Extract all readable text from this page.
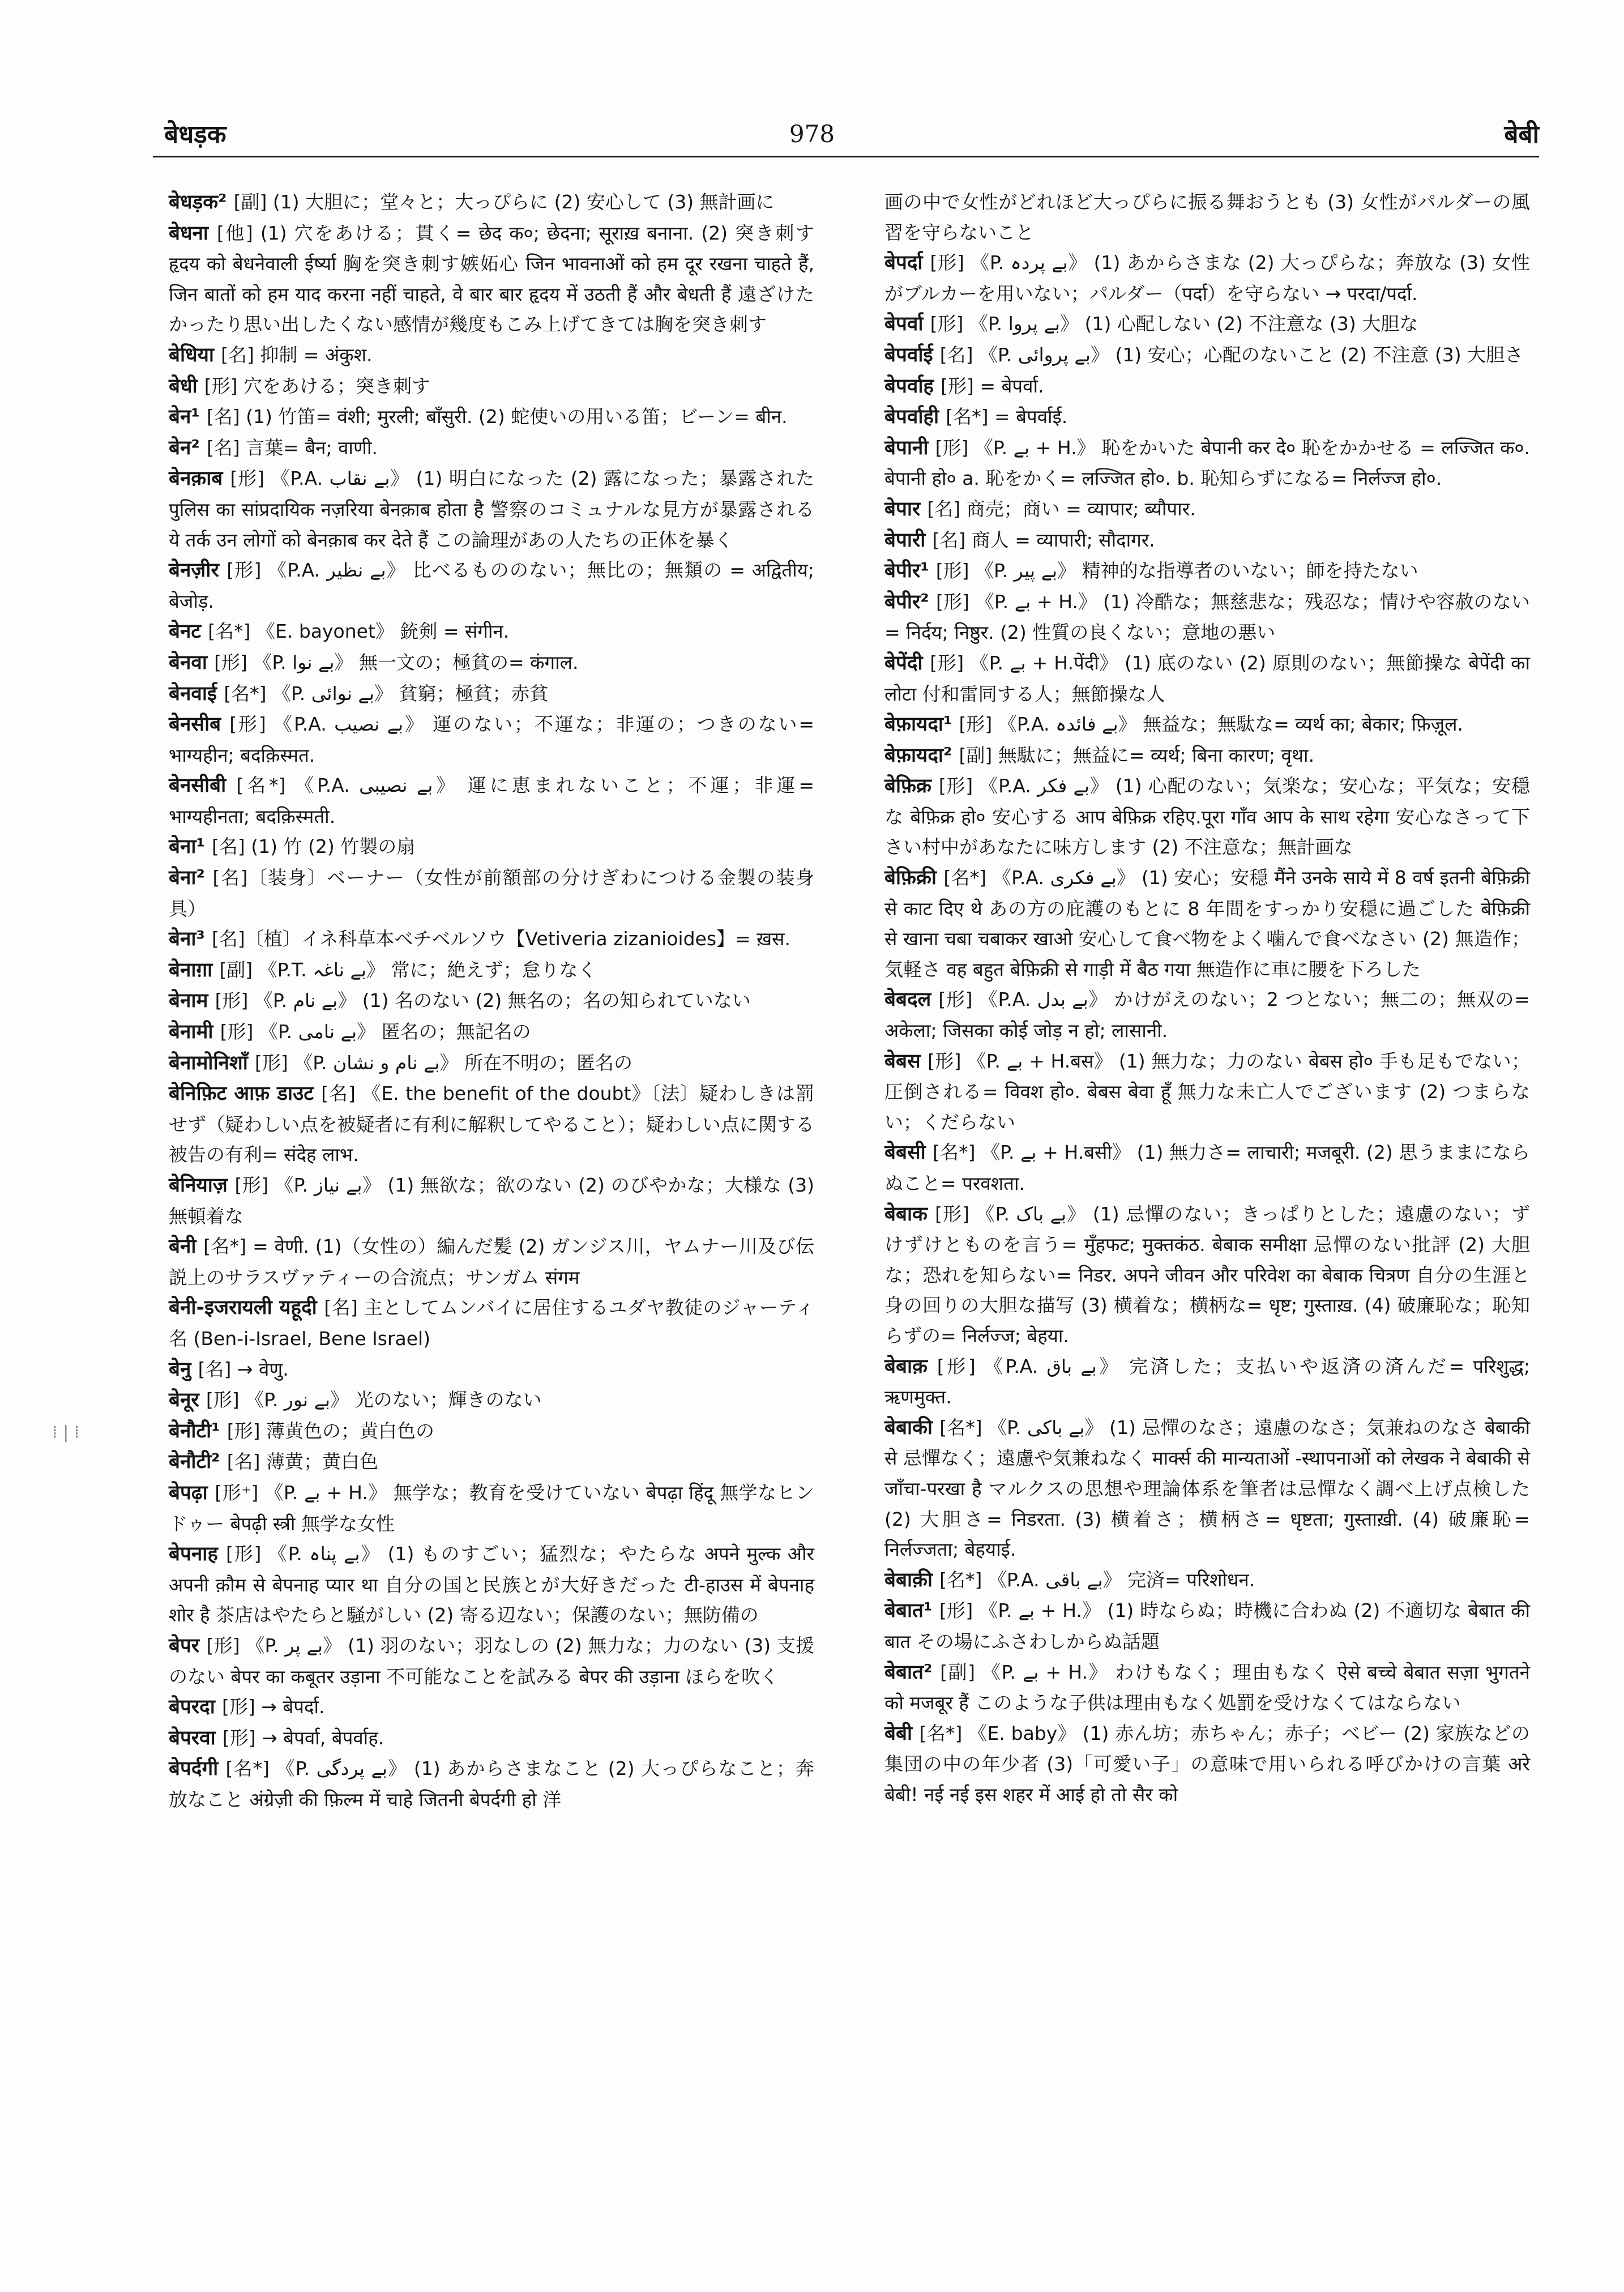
बेधड़क	978	बेबी
⁞ | ⁞

बेधड़क² [副] (1) 大胆に；堂々と；大っぴらに (2) 安心して (3) 無計画に

बेधना [他] (1) 穴をあける；貫く= छेद क०; छेदना; सूराख़ बनाना. (2) 突き刺す हृदय को बेधनेवाली ईर्ष्या 胸を突き刺す嫉妬心 जिन भावनाओं को हम दूर रखना चाहते हैं, जिन बातों को हम याद करना नहीं चाहते, वे बार बार हृदय में उठती हैं और बेधती हैं 遠ざけたかったり思い出したくない感情が幾度もこみ上げてきては胸を突き刺す

बेधिया [名] 抑制 = अंकुश.

बेधी [形] 穴をあける；突き刺す

बेन¹ [名] (1) 竹笛= वंशी; मुरली; बाँसुरी. (2) 蛇使いの用いる笛；ビーン= बीन.

बेन² [名] 言葉= बैन; वाणी.

बेनक़ाब [形] 《P.A. بے نقاب》 (1) 明白になった (2) 露になった；暴露された पुलिस का सांप्रदायिक नज़रिया बेनक़ाब होता है 警察のコミュナルな見方が暴露される ये तर्क उन लोगों को बेनक़ाब कर देते हैं この論理があの人たちの正体を暴く

बेनज़ीर [形] 《P.A. بے نظیر》 比べるもののない；無比の；無類の = अद्वितीय; बेजोड़.

बेनट [名*] 《E. bayonet》 銃剣 = संगीन.

बेनवा [形] 《P. بے نوا》 無一文の；極貧の= कंगाल.

बेनवाई [名*] 《P. بے نوائی》 貧窮；極貧；赤貧

बेनसीब [形] 《P.A. بے نصیب》 運のない；不運な；非運の；つきのない= भाग्यहीन; बदक़िस्मत.

बेनसीबी [名*] 《P.A. بے نصیبی》 運に恵まれないこと；不運；非運= भाग्यहीनता; बदक़िस्मती.

बेना¹ [名] (1) 竹 (2) 竹製の扇

बेना² [名]〔装身〕ベーナー（女性が前額部の分けぎわにつける金製の装身具）

बेना³ [名]〔植〕イネ科草本ベチベルソウ【Vetiveria zizanioides】= ख़स.

बेनाग़ा [副] 《P.T. بے ناغہ》 常に；絶えず；怠りなく

बेनाम [形] 《P. بے نام》 (1) 名のない (2) 無名の；名の知られていない

बेनामी [形] 《P. بے نامی》 匿名の；無記名の

बेनामोनिशाँ [形] 《P. بے نام و نشان》 所在不明の；匿名の

बेनिफ़िट आफ़ डाउट [名] 《E. the benefit of the doubt》〔法〕疑わしきは罰せず（疑わしい点を被疑者に有利に解釈してやること）；疑わしい点に関する被告の有利= संदेह लाभ.

बेनियाज़ [形] 《P. بے نیاز》 (1) 無欲な；欲のない (2) のびやかな；大様な (3) 無頓着な

बेनी [名*] = वेणी. (1)（女性の）編んだ髪 (2) ガンジス川，ヤムナー川及び伝説上のサラスヴァティーの合流点；サンガム संगम

बेनी-इजरायली यहूदी [名] 主としてムンバイに居住するユダヤ教徒のジャーティ名 (Ben-i-Israel, Bene Israel)

बेनु [名] → वेणु.

बेनूर [形] 《P. بے نور》 光のない；輝きのない

बेनौटी¹ [形] 薄黄色の；黄白色の

बेनौटी² [名] 薄黄；黄白色

बेपढ़ा [形⁺] 《P. بے + H.》 無学な；教育を受けていない बेपढ़ा हिंदू 無学なヒンドゥー बेपढ़ी स्त्री 無学な女性

बेपनाह [形] 《P. بے پناہ》 (1) ものすごい；猛烈な；やたらな अपने मुल्क और अपनी क़ौम से बेपनाह प्यार था 自分の国と民族とが大好きだった टी-हाउस में बेपनाह शोर है 茶店はやたらと騒がしい (2) 寄る辺ない；保護のない；無防備の

बेपर [形] 《P. بے پر》 (1) 羽のない；羽なしの (2) 無力な；力のない (3) 支援のない बेपर का कबूतर उड़ाना 不可能なことを試みる बेपर की उड़ाना ほらを吹く

बेपरदा [形] → बेपर्दा.

बेपरवा [形] → बेपर्वा, बेपर्वाह.

बेपर्दगी [名*] 《P. بے پردگی》 (1) あからさまなこと (2) 大っぴらなこと；奔放なこと अंग्रेज़ी की फ़िल्म में चाहे जितनी बेपर्दगी हो 洋

画の中で女性がどれほど大っぴらに振る舞おうとも (3) 女性がパルダーの風習を守らないこと

बेपर्दा [形] 《P. بے پردہ》 (1) あからさまな (2) 大っぴらな；奔放な (3) 女性がブルカーを用いない；パルダー（पर्दा）を守らない → परदा/पर्दा.

बेपर्वा [形] 《P. بے پروا》 (1) 心配しない (2) 不注意な (3) 大胆な

बेपर्वाई [名] 《P. بے پروائی》 (1) 安心；心配のないこと (2) 不注意 (3) 大胆さ

बेपर्वाह [形] = बेपर्वा.

बेपर्वाही [名*] = बेपर्वाई.

बेपानी [形] 《P. بے + H.》 恥をかいた बेपानी कर दे० 恥をかかせる = लज्जित क०. बेपानी हो० a. 恥をかく= लज्जित हो०. b. 恥知らずになる= निर्लज्ज हो०.

बेपार [名] 商売；商い = व्यापार; ब्यौपार.

बेपारी [名] 商人 = व्यापारी; सौदागर.

बेपीर¹ [形] 《P. بے پیر》 精神的な指導者のいない；師を持たない

बेपीर² [形] 《P. بے + H.》 (1) 冷酷な；無慈悲な；残忍な；情けや容赦のない= निर्दय; निष्ठुर. (2) 性質の良くない；意地の悪い

बेपेंदी [形] 《P. بے + H.पेंदी》 (1) 底のない (2) 原則のない；無節操な बेपेंदी का लोटा 付和雷同する人；無節操な人

बेफ़ायदा¹ [形] 《P.A. بے فائدہ》 無益な；無駄な= व्यर्थ का; बेकार; फ़िज़ूल.

बेफ़ायदा² [副] 無駄に；無益に= व्यर्थ; बिना कारण; वृथा.

बेफ़िक्र [形] 《P.A. بے فکر》 (1) 心配のない；気楽な；安心な；平気な；安穏な बेफ़िक्र हो० 安心する आप बेफ़िक्र रहिए.पूरा गाँव आप के साथ रहेगा 安心なさって下さい村中があなたに味方します (2) 不注意な；無計画な

बेफ़िक्री [名*] 《P.A. بے فکری》 (1) 安心；安穏 मैंने उनके साये में 8 वर्ष इतनी बेफ़िक्री से काट दिए थे あの方の庇護のもとに 8 年間をすっかり安穏に過ごした बेफ़िक्री से खाना चबा चबाकर खाओ 安心して食べ物をよく噛んで食べなさい (2) 無造作；気軽さ वह बहुत बेफ़िक्री से गाड़ी में बैठ गया 無造作に車に腰を下ろした

बेबदल [形] 《P.A. بے بدل》 かけがえのない；2 つとない；無二の；無双の= अकेला; जिसका कोई जोड़ न हो; लासानी.

बेबस [形] 《P. بے + H.बस》 (1) 無力な；力のない बेबस हो० 手も足もでない；圧倒される= विवश हो०. बेबस बेवा हूँ 無力な未亡人でございます (2) つまらない；くだらない

बेबसी [名*] 《P. بے + H.बसी》 (1) 無力さ= लाचारी; मजबूरी. (2) 思うままにならぬこと= परवशता.

बेबाक [形] 《P. بے باک》 (1) 忌憚のない；きっぱりとした；遠慮のない；ずけずけとものを言う= मुँहफट; मुक्तकंठ. बेबाक समीक्षा 忌憚のない批評 (2) 大胆な；恐れを知らない= निडर. अपने जीवन और परिवेश का बेबाक चित्रण 自分の生涯と身の回りの大胆な描写 (3) 横着な；横柄な= धृष्ट; गुस्ताख़. (4) 破廉恥な；恥知らずの= निर्लज्ज; बेहया.

बेबाक़ [形] 《P.A. بے باق》 完済した；支払いや返済の済んだ= परिशुद्ध; ऋणमुक्त.

बेबाकी [名*] 《P. بے باکی》 (1) 忌憚のなさ；遠慮のなさ；気兼ねのなさ बेबाकी से 忌憚なく；遠慮や気兼ねなく मार्क्स की मान्यताओं -स्थापनाओं को लेखक ने बेबाकी से जाँचा-परखा है マルクスの思想や理論体系を筆者は忌憚なく調べ上げ点検した (2) 大胆さ= निडरता. (3) 横着さ；横柄さ= धृष्टता; गुस्ताख़ी. (4) 破廉恥= निर्लज्जता; बेहयाई.

बेबाक़ी [名*] 《P.A. بے باقی》 完済= परिशोधन.

बेबात¹ [形] 《P. بے + H.》 (1) 時ならぬ；時機に合わぬ (2) 不適切な बेबात की बात その場にふさわしからぬ話題

बेबात² [副] 《P. بے + H.》 わけもなく；理由もなく ऐसे बच्चे बेबात सज़ा भुगतने को मजबूर हैं このような子供は理由もなく処罰を受けなくてはならない

बेबी [名*] 《E. baby》 (1) 赤ん坊；赤ちゃん；赤子；ベビー (2) 家族などの集団の中の年少者 (3)「可愛い子」の意味で用いられる呼びかけの言葉 अरे बेबी! नई नई इस शहर में आई हो तो सैर को
